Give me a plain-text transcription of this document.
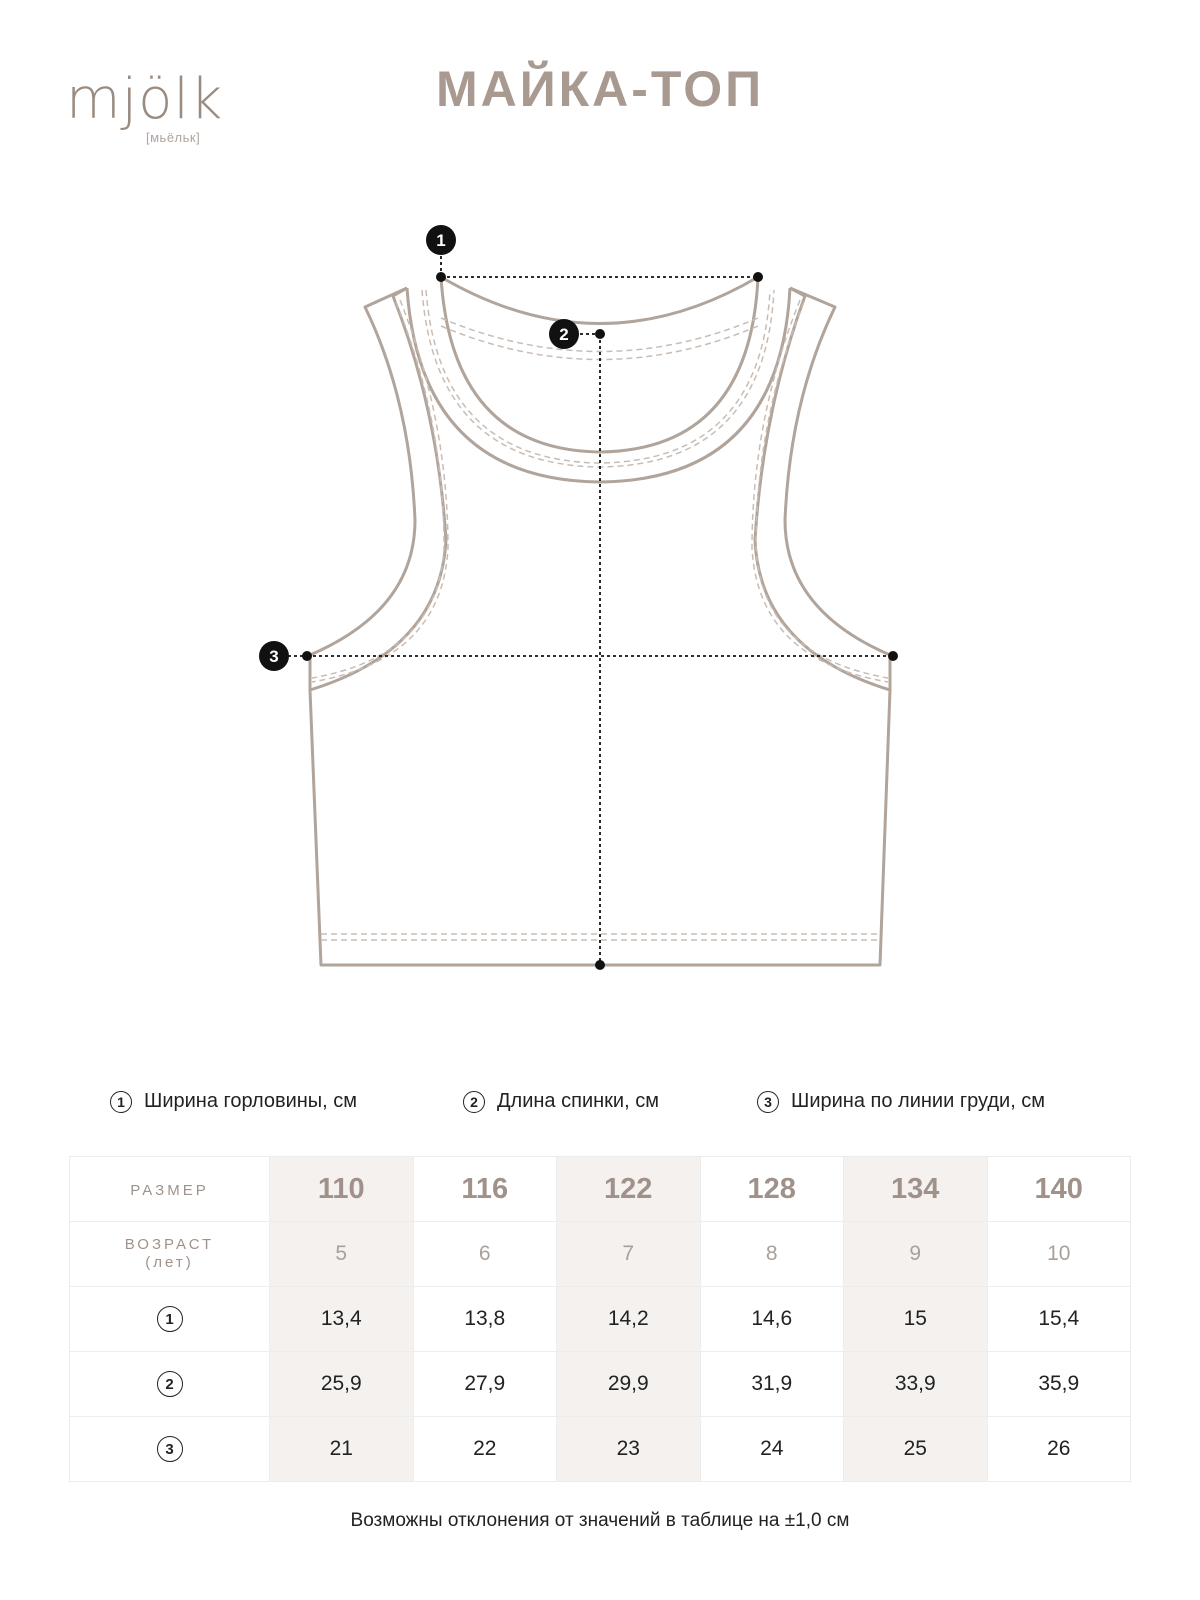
mjölk
[мьёльк]
МАЙКА-ТОП
1
2
3
1 Ширина горловины, см	2 Длина спинки, см	3 Ширина по линии груди, см
РАЗМЕР	110	116	122	128	134	140

ВОЗРАСТ
(лет)	5	6	7	8	9	10
1	13,4	13,8	14,2	14,6	15	15,4
2	25,9	27,9	29,9	31,9	33,9	35,9
3	21	22	23	24	25	26
Возможны отклонения от значений в таблице на ±1,0 см
